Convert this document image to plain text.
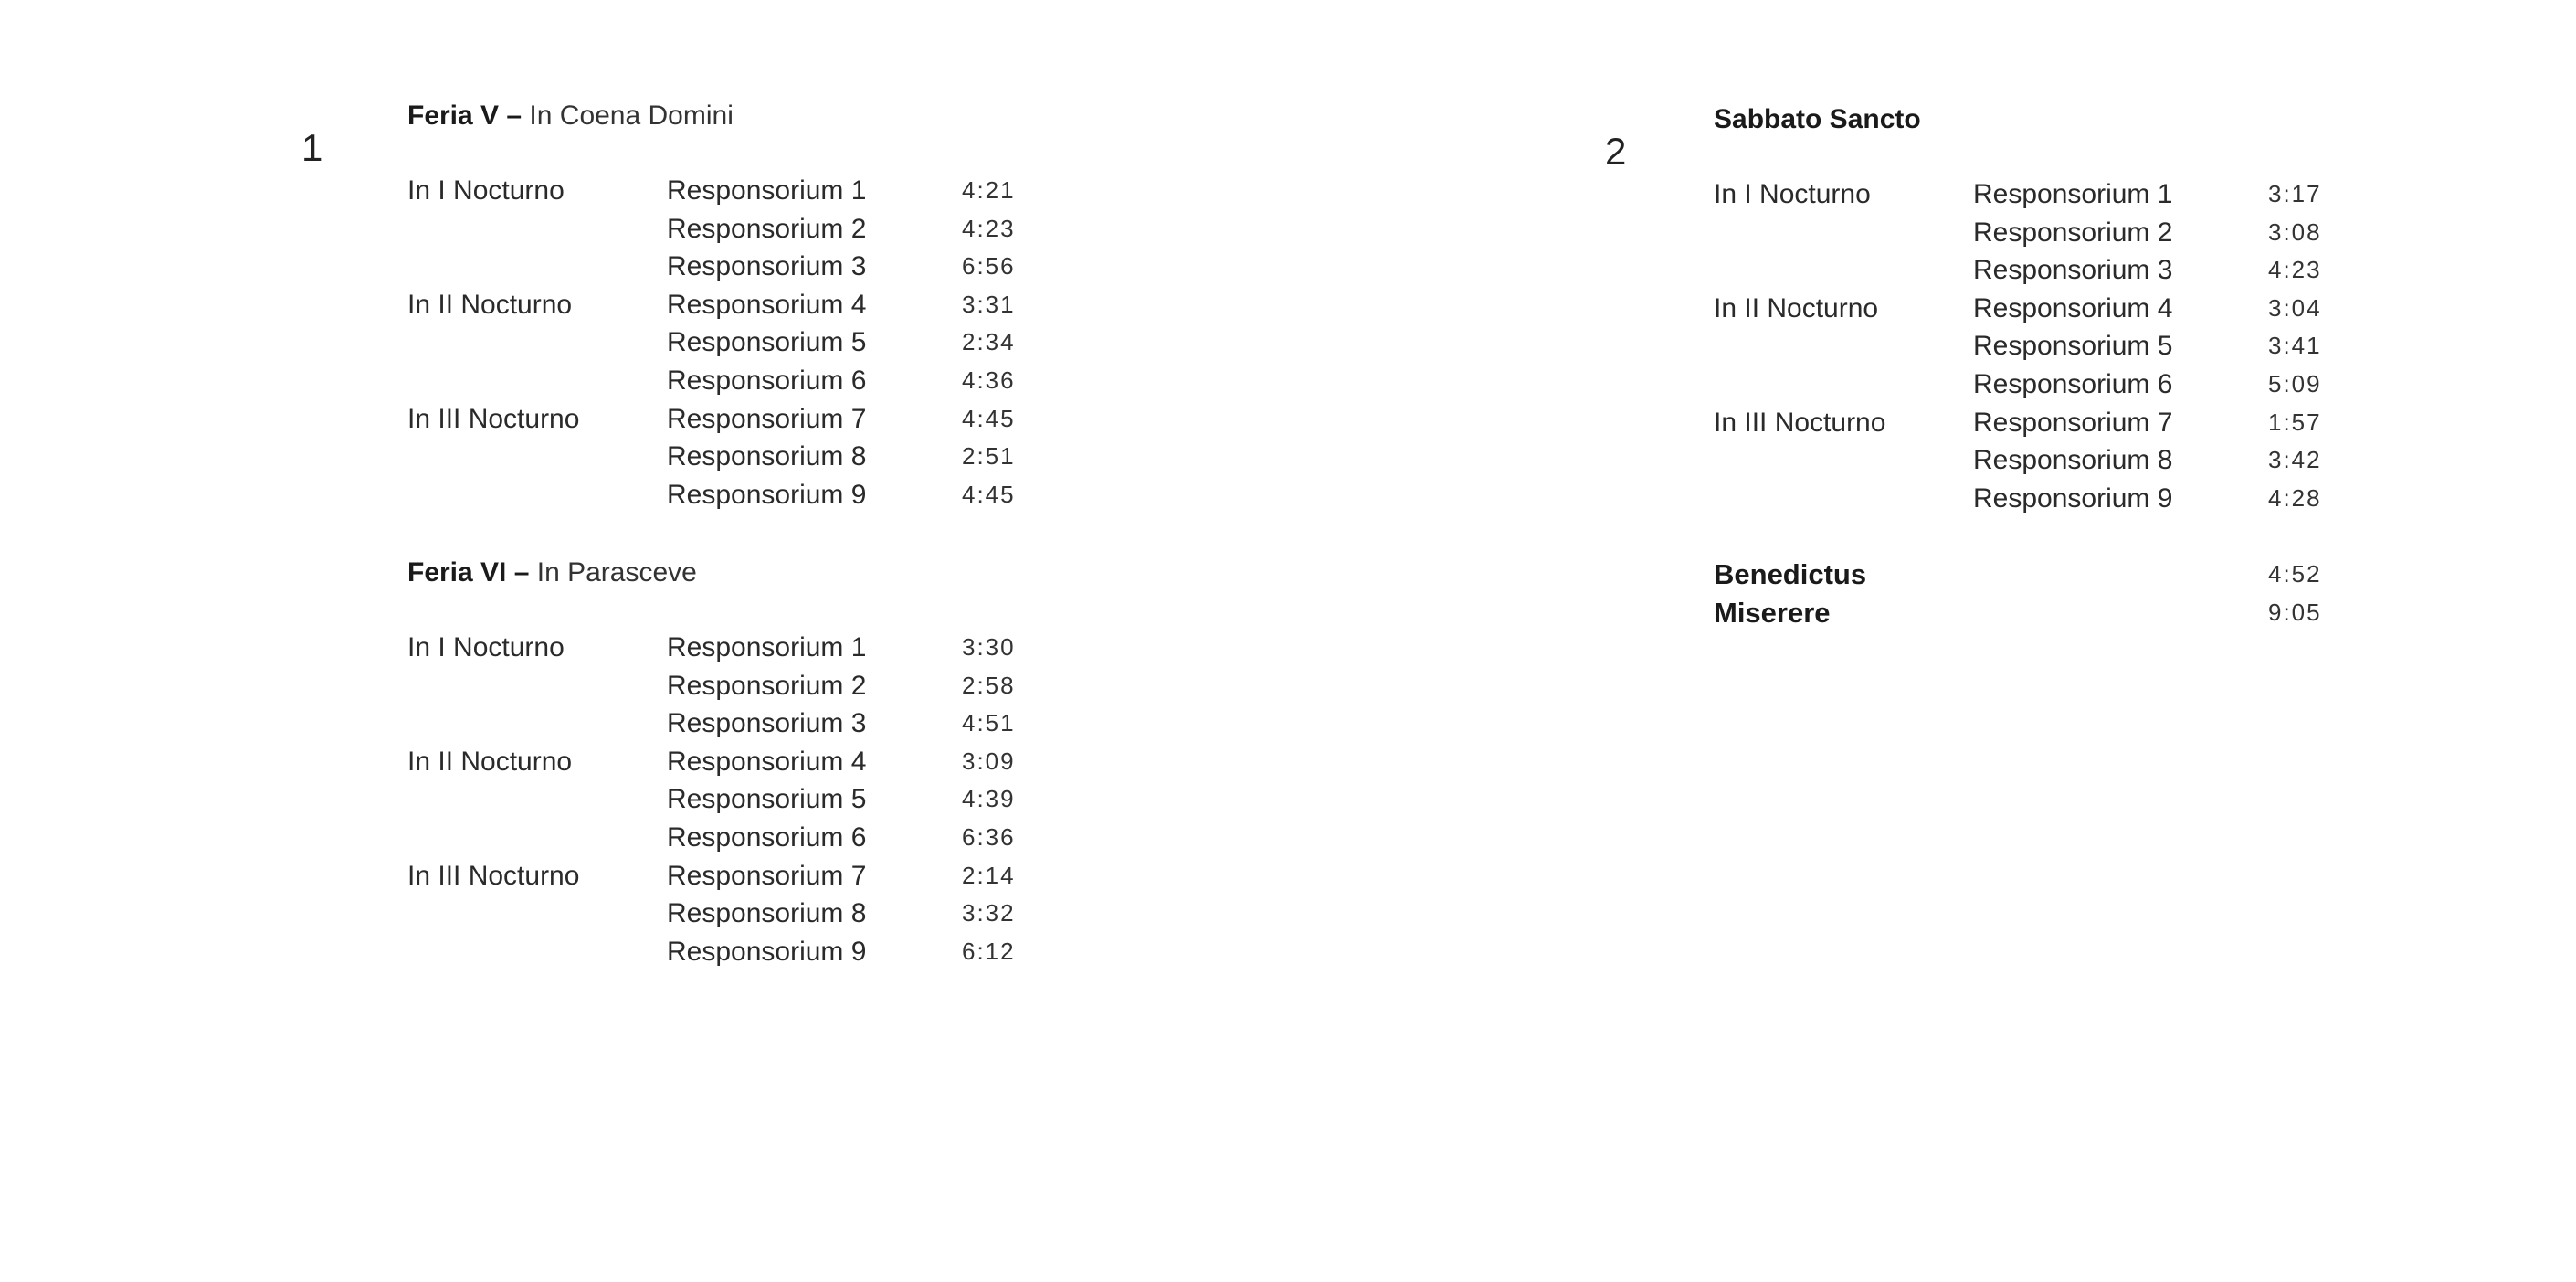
1
Feria V – In Coena Domini
In I Nocturno	Responsorium 1	4:21
Responsorium 2	4:23
Responsorium 3	6:56
In II Nocturno	Responsorium 4	3:31
Responsorium 5	2:34
Responsorium 6	4:36
In III Nocturno	Responsorium 7	4:45
Responsorium 8	2:51
Responsorium 9	4:45
Feria VI – In Parasceve
In I Nocturno	Responsorium 1	3:30
Responsorium 2	2:58
Responsorium 3	4:51
In II Nocturno	Responsorium 4	3:09
Responsorium 5	4:39
Responsorium 6	6:36
In III Nocturno	Responsorium 7	2:14
Responsorium 8	3:32
Responsorium 9	6:12
2
Sabbato Sancto
In I Nocturno	Responsorium 1	3:17
Responsorium 2	3:08
Responsorium 3	4:23
In II Nocturno	Responsorium 4	3:04
Responsorium 5	3:41
Responsorium 6	5:09
In III Nocturno	Responsorium 7	1:57
Responsorium 8	3:42
Responsorium 9	4:28
Benedictus	4:52
Miserere	9:05
